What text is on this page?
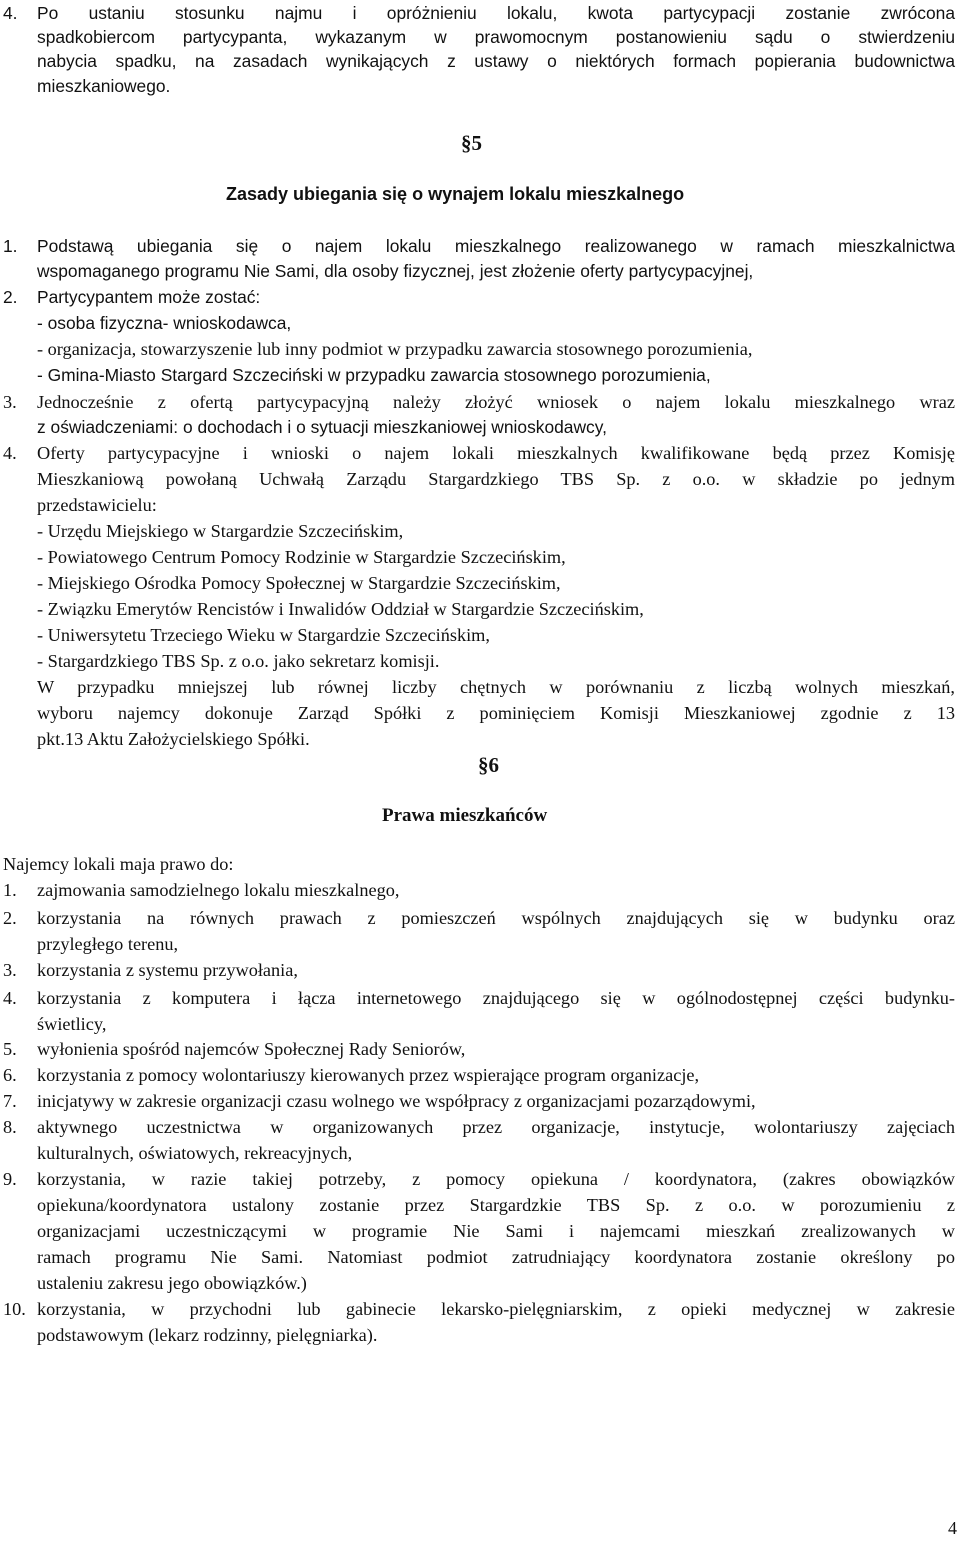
4. Po ustaniu stosunku najmu i opróżnieniu lokalu, kwota partycypacji zostanie zwrócona
spadkobiercom partycypanta, wykazanym w prawomocnym postanowieniu sądu o stwierdzeniu
nabycia spadku, na zasadach wynikających z ustawy o niektórych formach popierania budownictwa
mieszkaniowego.
§5
Zasady ubiegania się o wynajem lokalu mieszkalnego
1. Podstawą ubiegania się o najem lokalu mieszkalnego realizowanego w ramach mieszkalnictwa
wspomaganego programu Nie Sami, dla osoby fizycznej, jest złożenie oferty partycypacyjnej,
2. Partycypantem może zostać:
- osoba fizyczna- wnioskodawca,
- organizacja, stowarzyszenie lub inny podmiot w przypadku zawarcia stosownego porozumienia,
- Gmina-Miasto Stargard Szczeciński w przypadku zawarcia stosownego porozumienia,
3. Jednocześnie z ofertą partycypacyjną należy złożyć wniosek o najem lokalu mieszkalnego wraz
z oświadczeniami: o dochodach i o sytuacji mieszkaniowej wnioskodawcy,
4. Oferty partycypacyjne i wnioski o najem lokali mieszkalnych kwalifikowane będą przez Komisję
Mieszkaniową powołaną Uchwałą Zarządu Stargardzkiego TBS Sp. z o.o. w składzie po jednym
przedstawicielu:
- Urzędu Miejskiego w Stargardzie Szczecińskim,
- Powiatowego Centrum Pomocy Rodzinie w Stargardzie Szczecińskim,
- Miejskiego Ośrodka Pomocy Społecznej w Stargardzie Szczecińskim,
- Związku Emerytów Rencistów i Inwalidów Oddział w Stargardzie Szczecińskim,
- Uniwersytetu Trzeciego Wieku w Stargardzie Szczecińskim,
- Stargardzkiego TBS Sp. z o.o. jako sekretarz komisji.
W przypadku mniejszej lub równej liczby chętnych w porównaniu z liczbą wolnych mieszkań,
wyboru najemcy dokonuje Zarząd Spółki z pominięciem Komisji Mieszkaniowej zgodnie z 13
pkt.13 Aktu Założycielskiego Spółki.
§6
Prawa mieszkańców
Najemcy lokali maja prawo do:
1. zajmowania samodzielnego lokalu mieszkalnego,
2. korzystania na równych prawach z pomieszczeń wspólnych znajdujących się w budynku oraz
przyległego terenu,
3. korzystania z systemu przywołania,
4. korzystania z komputera i łącza internetowego znajdującego się w ogólnodostępnej części budynku-
świetlicy,
5. wyłonienia spośród najemców Społecznej Rady Seniorów,
6. korzystania z pomocy wolontariuszy kierowanych przez wspierające program organizacje,
7. inicjatywy w zakresie organizacji czasu wolnego we współpracy z organizacjami pozarządowymi,
8. aktywnego uczestnictwa w organizowanych przez organizacje, instytucje, wolontariuszy zajęciach
kulturalnych, oświatowych, rekreacyjnych,
9. korzystania, w razie takiej potrzeby, z pomocy opiekuna / koordynatora, (zakres obowiązków
opiekuna/koordynatora ustalony zostanie przez Stargardzkie TBS Sp. z o.o. w porozumieniu z
organizacjami uczestniczącymi w programie Nie Sami i najemcami mieszkań zrealizowanych w
ramach programu Nie Sami. Natomiast podmiot zatrudniający koordynatora zostanie określony po
ustaleniu zakresu jego obowiązków.)
10. korzystania, w przychodni lub gabinecie lekarsko-pielęgniarskim, z opieki medycznej w zakresie
podstawowym (lekarz rodzinny, pielęgniarka).
4
